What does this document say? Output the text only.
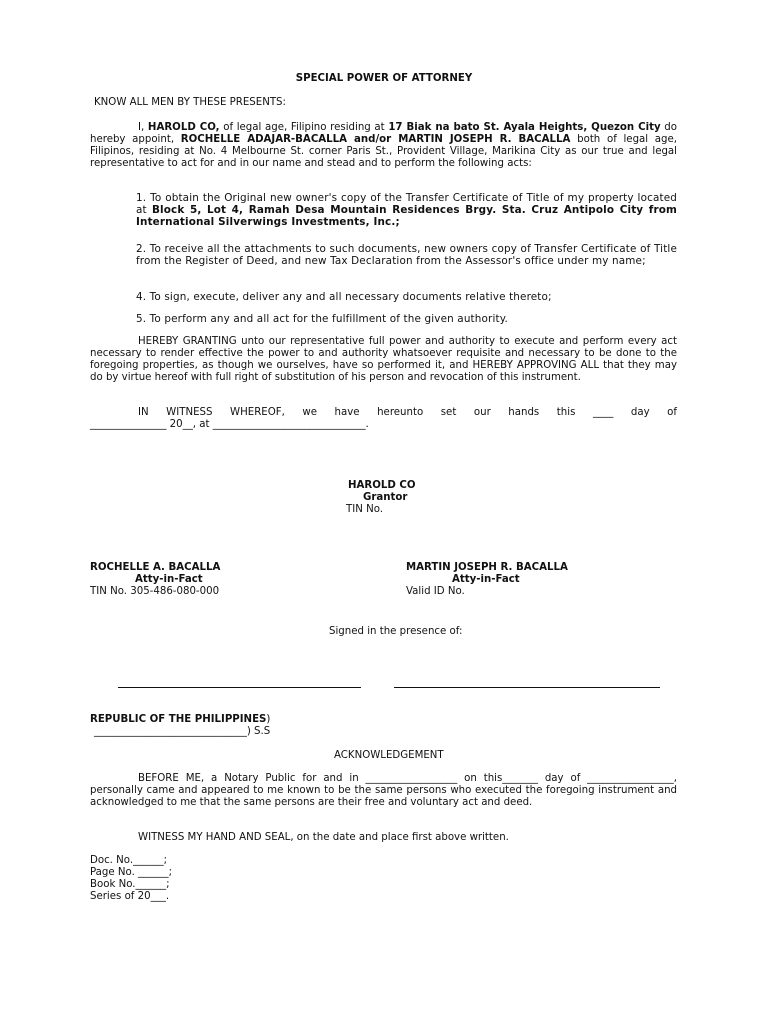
SPECIAL POWER OF ATTORNEY
KNOW ALL MEN BY THESE PRESENTS:
I, HAROLD CO, of legal age, Filipino residing at 17 Biak na bato St. Ayala Heights, Quezon City do hereby appoint, ROCHELLE ADAJAR-BACALLA and/or MARTIN JOSEPH R. BACALLA both of legal age, Filipinos, residing at No. 4 Melbourne St. corner Paris St., Provident Village, Marikina City as our true and legal representative to act for and in our name and stead and to perform the following acts:
1. To obtain the Original new owner's copy of the Transfer Certificate of Title of my property located at Block 5, Lot 4, Ramah Desa Mountain Residences Brgy. Sta. Cruz Antipolo City from International Silverwings Investments, Inc.;
2. To receive all the attachments to such documents, new owners copy of Transfer Certificate of Title from the Register of Deed, and new Tax Declaration from the Assessor's office under my name;
4. To sign, execute, deliver any and all necessary documents relative thereto;
5. To perform any and all act for the fulfillment of the given authority.
HEREBY GRANTING unto our representative full power and authority to execute and perform every act necessary to render effective the power to and authority whatsoever requisite and necessary to be done to the foregoing properties, as though we ourselves, have so performed it, and HEREBY APPROVING ALL that they may do by virtue hereof with full right of substitution of his person and revocation of this instrument.
IN WITNESS WHEREOF, we have hereunto set our hands this ____ day of
_______________ 20__, at ______________________________.
HAROLD CO
Grantor
TIN No.
ROCHELLE A. BACALLA
Atty-in-Fact
TIN No. 305-486-080-000
MARTIN JOSEPH R. BACALLA
Atty-in-Fact
Valid ID No.
Signed in the presence of:
REPUBLIC OF THE PHILIPPINES)
______________________________) S.S
ACKNOWLEDGEMENT
BEFORE ME, a Notary Public for and in __________________ on this_______ day of _________________, personally came and appeared to me known to be the same persons who executed the foregoing instrument and acknowledged to me that the same persons are their free and voluntary act and deed.
WITNESS MY HAND AND SEAL, on the date and place first above written.
Doc. No.______;
Page No. ______;
Book No.______;
Series of 20___.
